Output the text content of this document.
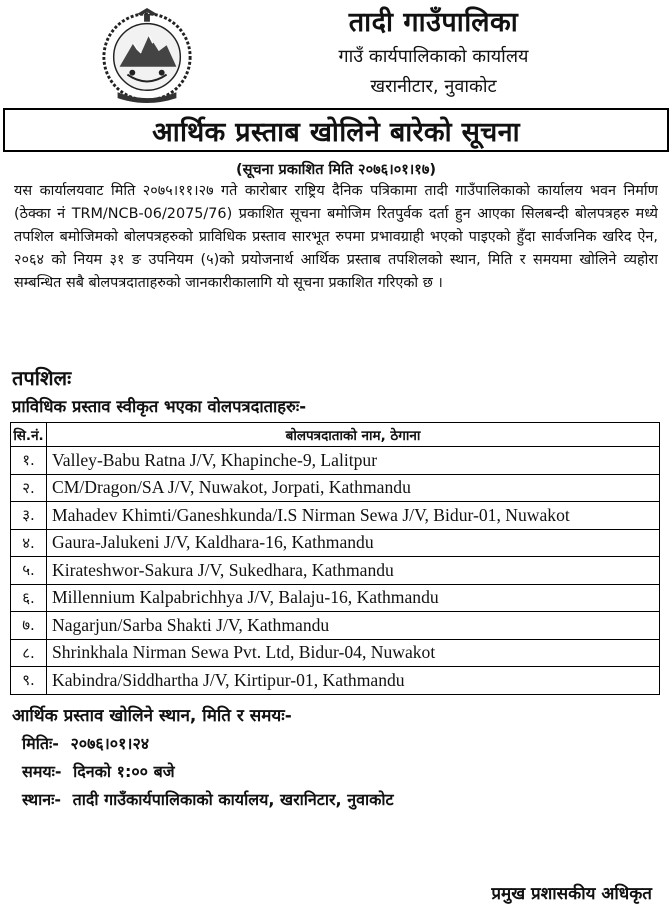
तादी गाउँपालिका
गाउँ कार्यपालिकाको कार्यालय
खरानीटार, नुवाकोट
आर्थिक प्रस्ताब खोलिने बारेको सूचना
(सूचना प्रकाशित मिति २०७६।०१।१७)
यस कार्यालयवाट मिति २०७५।११।२७ गते कारोबार राष्ट्रिय दैनिक पत्रिकामा तादी गाउँपालिकाको कार्यालय भवन निर्माण (ठेक्का नं TRM/NCB-06/2075/76) प्रकाशित सूचना बमोजिम रितपुर्वक दर्ता हुन आएका सिलबन्दी बोलपत्रहरु मध्ये तपशिल बमोजिमको बोलपत्रहरुको प्राविधिक प्रस्ताव सारभूत रुपमा प्रभावग्राही भएको पाइएको हुँदा सार्वजनिक खरिद ऐन, २०६४ को नियम ३१ ङ उपनियम (५)को प्रयोजनार्थ आर्थिक प्रस्ताब तपशिलको स्थान, मिति र समयमा खोलिने व्यहोरा सम्बन्धित सबै बोलपत्रदाताहरुको जानकारीकालागि यो सूचना प्रकाशित गरिएको छ ।
तपशिलः
प्राविधिक प्रस्ताव स्वीकृत भएका वोलपत्रदाताहरुः-
सि.नं.	बोलपत्रदाताको नाम, ठेगाना
१.	Valley-Babu Ratna J/V, Khapinche-9, Lalitpur
२.	CM/Dragon/SA J/V, Nuwakot, Jorpati, Kathmandu
३.	Mahadev Khimti/Ganeshkunda/I.S Nirman Sewa J/V, Bidur-01, Nuwakot
४.	Gaura-Jalukeni J/V, Kaldhara-16, Kathmandu
५.	Kirateshwor-Sakura J/V, Sukedhara, Kathmandu
६.	Millennium Kalpabrichhya J/V, Balaju-16, Kathmandu
७.	Nagarjun/Sarba Shakti J/V, Kathmandu
८.	Shrinkhala Nirman Sewa Pvt. Ltd, Bidur-04, Nuwakot
९.	Kabindra/Siddhartha J/V, Kirtipur-01, Kathmandu
आर्थिक प्रस्ताव खोलिने स्थान, मिति र समयः-
मितिः- २०७६।०१।२४
समयः- दिनको १:०० बजे
स्थानः- तादी गाउँकार्यपालिकाको कार्यालय, खरानिटार, नुवाकोट
प्रमुख प्रशासकीय अधिकृत
